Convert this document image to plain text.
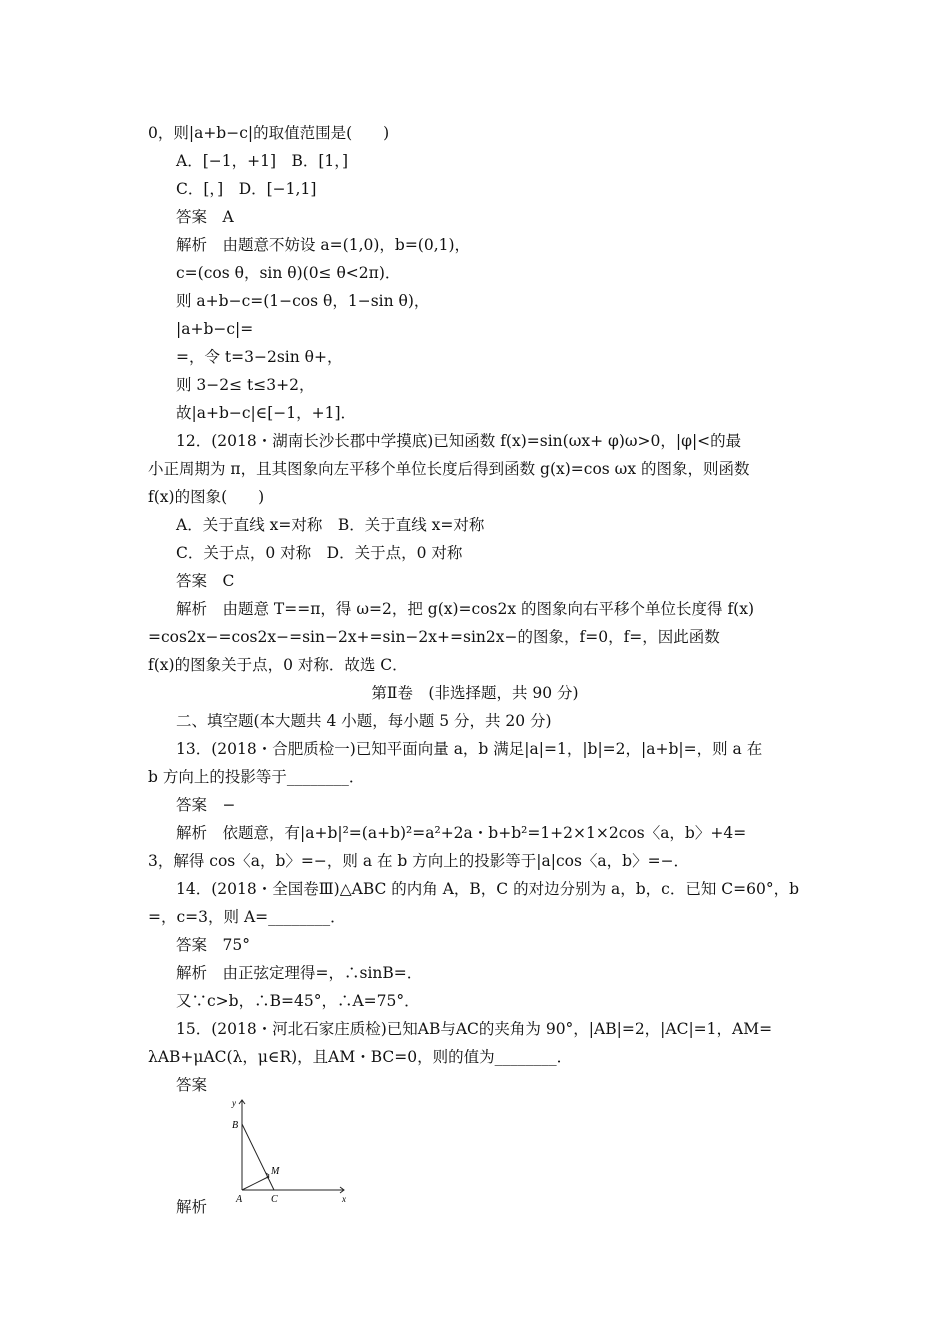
0，则|a+b−c|的取值范围是(　　)
A．[−1，+1]　B．[1，]
C．[，]　D．[−1,1]
答案　A
解析　由题意不妨设 a=(1,0)，b=(0,1)，
c=(cos θ，sin θ)(0≤ θ<2π)．
则 a+b−c=(1−cos θ，1−sin θ)，
|a+b−c|=
=，令 t=3−2sin θ+，
则 3−2≤ t≤3+2，
故|a+b−c|∈[−1，+1]．
12．(2018・湖南长沙长郡中学摸底)已知函数 f(x)=sin(ωx+ φ)ω>0，|φ|<的最
小正周期为 π，且其图象向左平移个单位长度后得到函数 g(x)=cos ωx 的图象，则函数
f(x)的图象(　　)
A．关于直线 x=对称　B．关于直线 x=对称
C．关于点，0 对称　D．关于点，0 对称
答案　C
解析　由题意 T==π，得 ω=2，把 g(x)=cos2x 的图象向右平移个单位长度得 f(x)
=cos2x−=cos2x−=sin−2x+=sin−2x+=sin2x−的图象，f=0，f=，因此函数
f(x)的图象关于点，0 对称．故选 C．
第Ⅱ卷　(非选择题，共 90 分)
二、填空题(本大题共 4 小题，每小题 5 分，共 20 分)
13．(2018・合肥质检一)已知平面向量 a，b 满足|a|=1，|b|=2，|a+b|=，则 a 在
b 方向上的投影等于________．
答案　−
解析　依题意，有|a+b|²=(a+b)²=a²+2a・b+b²=1+2×1×2cos〈a，b〉+4=
3，解得 cos〈a，b〉=−，则 a 在 b 方向上的投影等于|a|cos〈a，b〉=−．
14．(2018・全国卷Ⅲ)△ABC 的内角 A，B，C 的对边分别为 a，b，c．已知 C=60°，b
=，c=3，则 A=________．
答案　75°
解析　由正弦定理得=，∴sinB=．
又∵c>b，∴B=45°，∴A=75°．
15．(2018・河北石家庄质检)已知AB与AC的夹角为 90°，|AB|=2，|AC|=1，AM=
λAB+μAC(λ，μ∈R)，且AM・BC=0，则的值为________．
答案
解析
y
x
B
A	C
M
